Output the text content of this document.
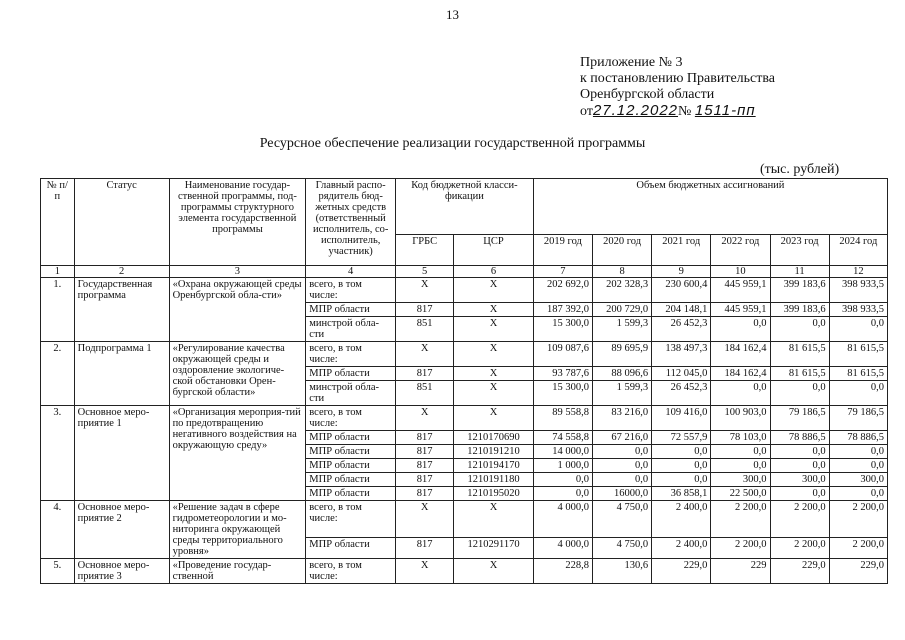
13
Приложение № 3
к постановлению Правительства
Оренбургской области
от27.12.2022№ 1511-пп
Ресурсное обеспечение реализации государственной программы
(тыс. рублей)
№ п/п	Статус	Наименование государ-ственной программы, под-программы структурного элемента государственной программы	Главный распо-рядитель бюд-жетных средств (ответственный исполнитель, со-исполнитель, участник)	Код бюджетной класси-фикации		Объем бюджетных ассигнований					
				ГРБС	ЦСР	2019 год	2020 год	2021 год	2022 год	2023 год	2024 год
1	2	3	4	5	6	7	8	9	10	11	12
1.	Государственная программа	«Охрана окружающей среды Оренбургской обла-сти»	всего, в том числе:	X	X	202 692,0	202 328,3	230 600,4	445 959,1	399 183,6	398 933,5
			МПР области	817	X	187 392,0	200 729,0	204 148,1	445 959,1	399 183,6	398 933,5
			минстрой обла-сти	851	X	15 300,0	1 599,3	26 452,3	0,0	0,0	0,0
2.	Подпрограмма 1	«Регулирование качества окружающей среды и оздоровление экологиче-ской обстановки Орен-бургской области»	всего, в том числе:	X	X	109 087,6	89 695,9	138 497,3	184 162,4	81 615,5	81 615,5
			МПР области	817	X	93 787,6	88 096,6	112 045,0	184 162,4	81 615,5	81 615,5
			минстрой обла-сти	851	X	15 300,0	1 599,3	26 452,3	0,0	0,0	0,0
3.	Основное меро-приятие 1	«Организация мероприя-тий по предотвращению негативного воздействия на окружающую среду»	всего, в том числе:	X	X	89 558,8	83 216,0	109 416,0	100 903,0	79 186,5	79 186,5
			МПР области	817	1210170690	74 558,8	67 216,0	72 557,9	78 103,0	78 886,5	78 886,5
			МПР области	817	1210191210	14 000,0	0,0	0,0	0,0	0,0	0,0
			МПР области	817	1210194170	1 000,0	0,0	0,0	0,0	0,0	0,0
			МПР области	817	1210191180	0,0	0,0	0,0	300,0	300,0	300,0
			МПР области	817	1210195020	0,0	16000,0	36 858,1	22 500,0	0,0	0,0
4.	Основное меро-приятие 2	«Решение задач в сфере гидрометеорологии и мо-ниторинга окружающей среды территориального уровня»	всего, в том числе:	X	X	4 000,0	4 750,0	2 400,0	2 200,0	2 200,0	2 200,0
			МПР области	817	1210291170	4 000,0	4 750,0	2 400,0	2 200,0	2 200,0	2 200,0
5.	Основное меро-приятие 3	«Проведение государ-ственной	всего, в том числе:	X	X	228,8	130,6	229,0	229	229,0	229,0
